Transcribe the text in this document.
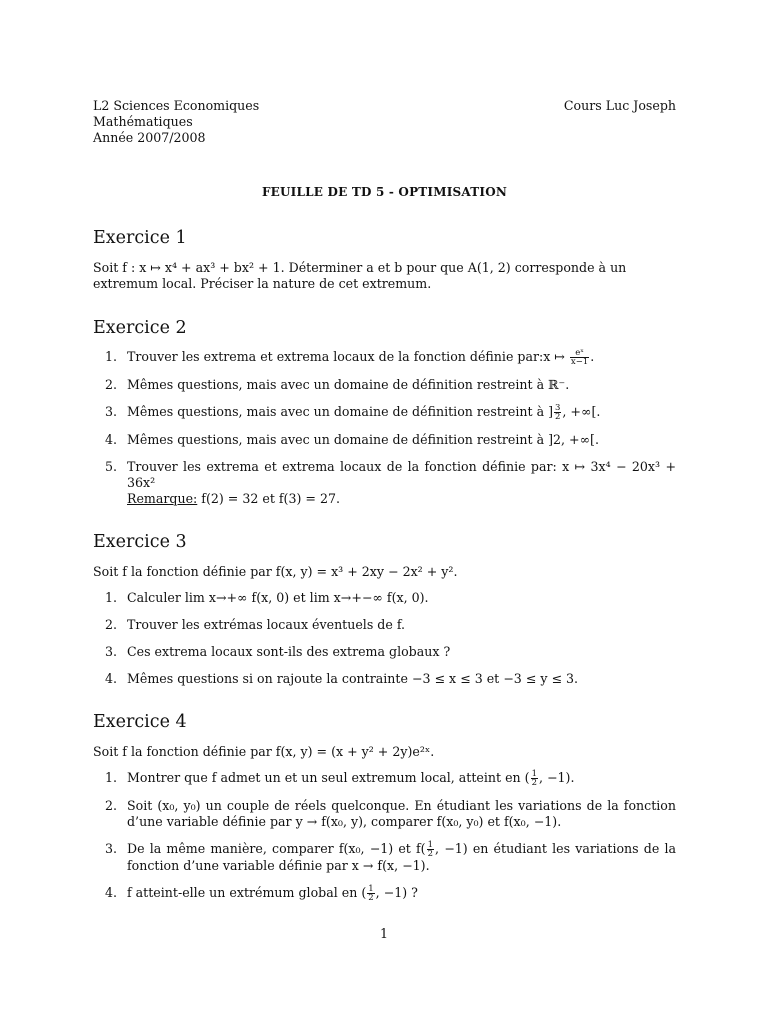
L2 Sciences Economiques
Mathématiques
Année 2007/2008
Cours Luc Joseph
FEUILLE DE TD 5 - OPTIMISATION
Exercice 1
Soit f : x ↦ x⁴ + ax³ + bx² + 1. Déterminer a et b pour que A(1, 2) corresponde à un
extremum local. Préciser la nature de cet extremum.
Exercice 2
1. Trouver les extrema et extrema locaux de la fonction définie par:x ↦ $\frac{\text{eˣ}}{x-1}$ .
2. Mêmes questions, mais avec un domaine de définition restreint à ℝ⁻.
3. Mêmes questions, mais avec un domaine de définition restreint à ] $\frac{3}{2}$ , +∞[.
4. Mêmes questions, mais avec un domaine de définition restreint à ]2, +∞[.
5. Trouver les extrema et extrema locaux de la fonction définie par: x ↦ 3x⁴ − 20x³ + 36x²
Remarque: f(2) = 32 et f(3) = 27.
Exercice 3
Soit f la fonction définie par f(x, y) = x³ + 2xy − 2x² + y².
1. Calculer lim x→+∞ f(x, 0) et lim x→+−∞ f(x, 0).
2. Trouver les extrémas locaux éventuels de f.
3. Ces extrema locaux sont-ils des extrema globaux ?
4. Mêmes questions si on rajoute la contrainte −3 ≤ x ≤ 3 et −3 ≤ y ≤ 3.
Exercice 4
Soit f la fonction définie par f(x, y) = (x + y² + 2y)e²ˣ.
1. Montrer que f admet un et un seul extremum local, atteint en ( $\frac{1}{2}$ , −1).
2. Soit (x₀, y₀) un couple de réels quelconque. En étudiant les variations de la fonction d’une variable définie par y → f(x₀, y), comparer f(x₀, y₀) et f(x₀, −1).
3. De la même manière, comparer f(x₀, −1) et $f( \frac{1}{2}$ , −1) en étudiant les variations de la fonction d’une variable définie par x → f(x, −1).
4. f atteint-elle un extrémum global en ( $\frac{1}{2}$ , −1) ?
1
